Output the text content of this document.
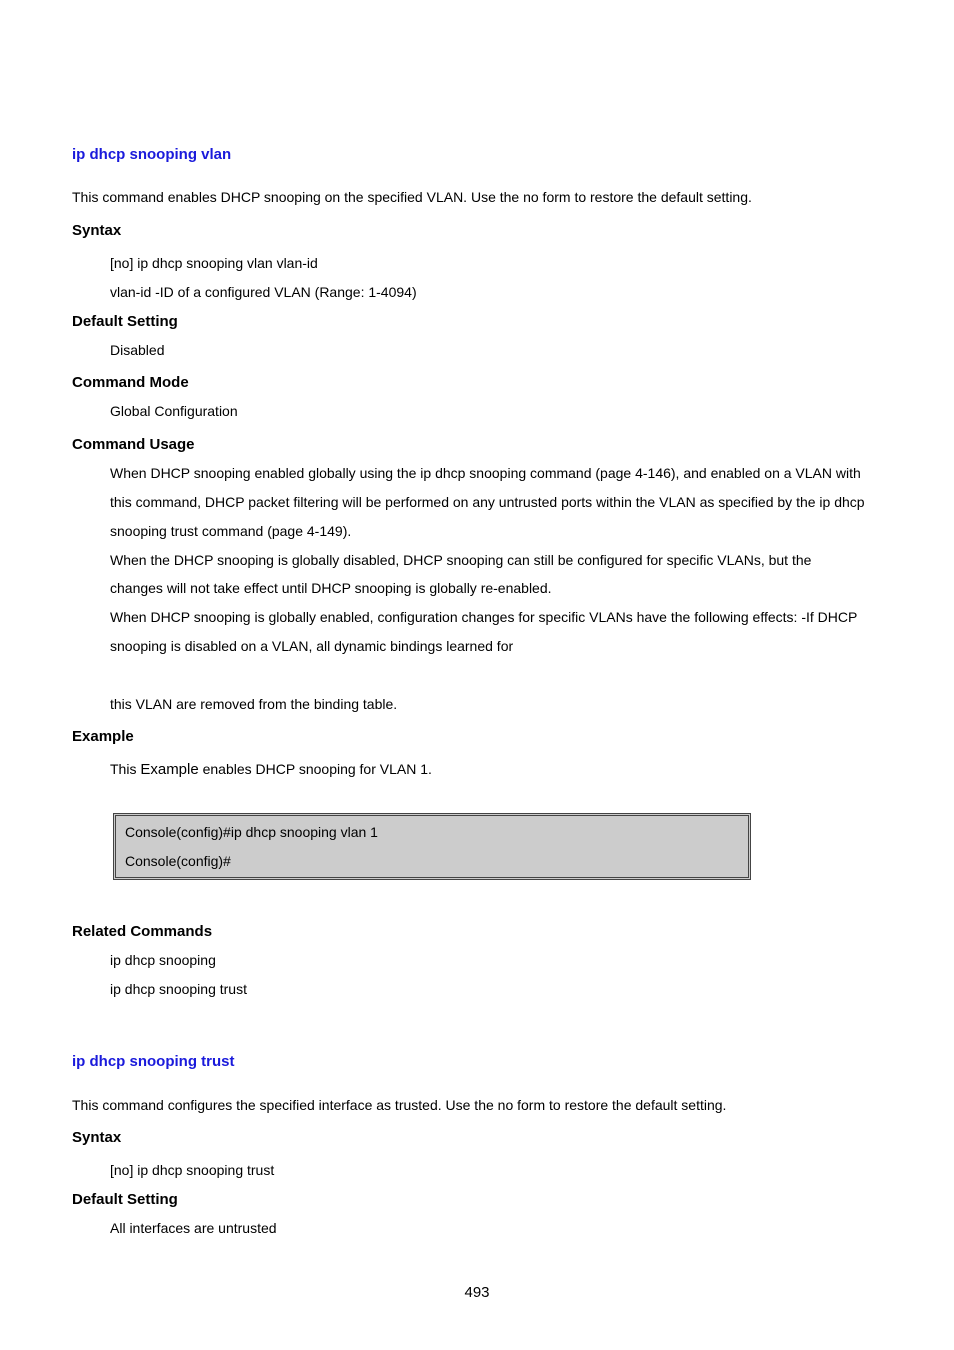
ip dhcp snooping vlan
This command enables DHCP snooping on the specified VLAN. Use the no form to restore the default setting.
Syntax
[no] ip dhcp snooping vlan vlan-id
vlan-id -ID of a configured VLAN (Range: 1-4094)
Default Setting
Disabled
Command Mode
Global Configuration
Command Usage
When DHCP snooping enabled globally using the ip dhcp snooping command (page 4-146), and enabled on a VLAN with
this command, DHCP packet filtering will be performed on any untrusted ports within the VLAN as specified by the ip dhcp
snooping trust command (page 4-149).
When the DHCP snooping is globally disabled, DHCP snooping can still be configured for specific VLANs, but the
changes will not take effect until DHCP snooping is globally re-enabled.
When DHCP snooping is globally enabled, configuration changes for specific VLANs have the following effects: -If DHCP
snooping is disabled on a VLAN, all dynamic bindings learned for
this VLAN are removed from the binding table.
Example
This Example enables DHCP snooping for VLAN 1.
Console(config)#ip dhcp snooping vlan 1
Console(config)#
Related Commands
ip dhcp snooping
ip dhcp snooping trust
ip dhcp snooping trust
This command configures the specified interface as trusted. Use the no form to restore the default setting.
Syntax
[no] ip dhcp snooping trust
Default Setting
All interfaces are untrusted
493
